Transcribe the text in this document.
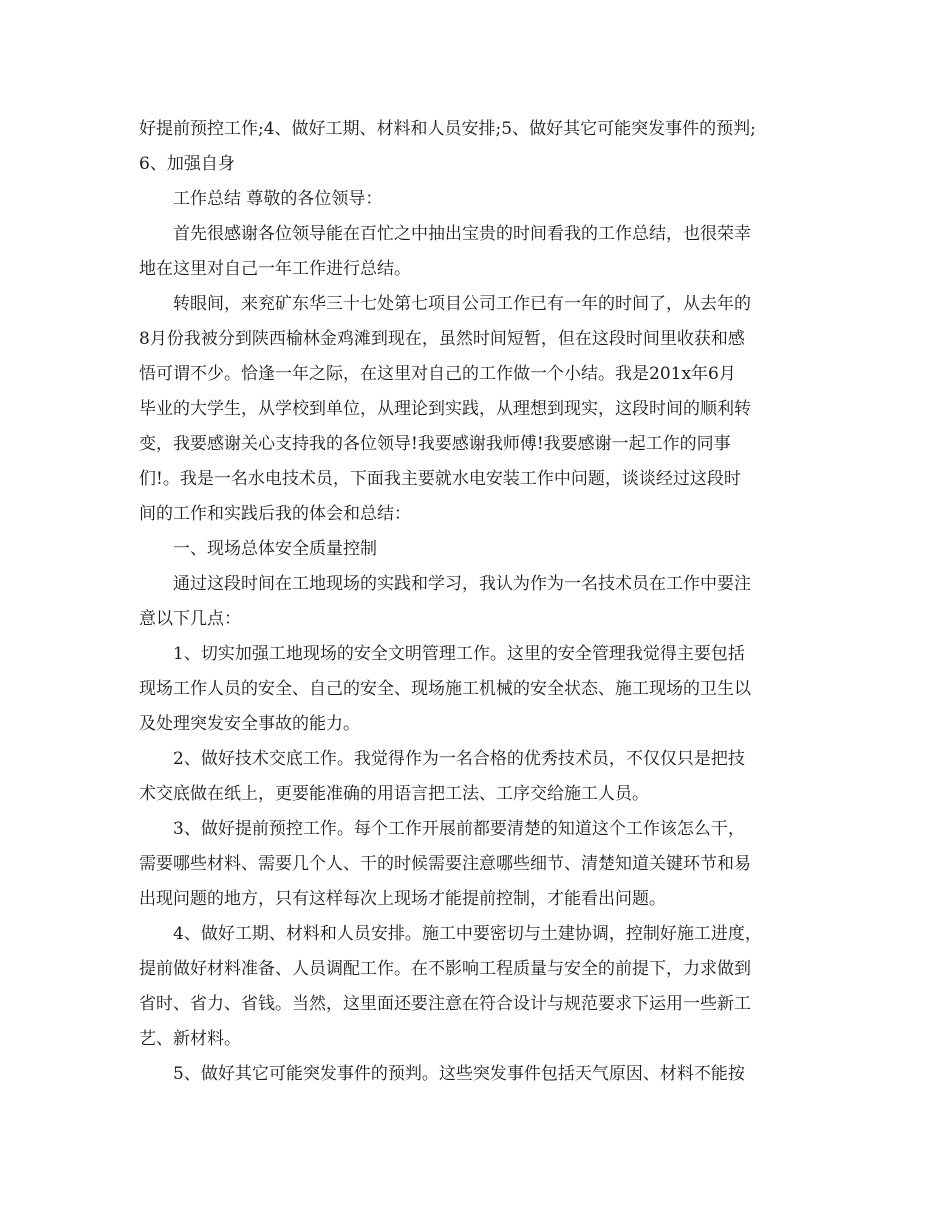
好提前预控工作;4、做好工期、材料和人员安排;5、做好其它可能突发事件的预判;
6、加强自身
工作总结 尊敬的各位领导：
首先很感谢各位领导能在百忙之中抽出宝贵的时间看我的工作总结，也很荣幸
地在这里对自己一年工作进行总结。
转眼间，来兖矿东华三十七处第七项目公司工作已有一年的时间了，从去年的
8月份我被分到陕西榆林金鸡滩到现在，虽然时间短暂，但在这段时间里收获和感
悟可谓不少。恰逢一年之际，在这里对自己的工作做一个小结。我是201x年6月
毕业的大学生，从学校到单位，从理论到实践，从理想到现实，这段时间的顺利转
变，我要感谢关心支持我的各位领导!我要感谢我师傅!我要感谢一起工作的同事
们!。我是一名水电技术员，下面我主要就水电安装工作中问题，谈谈经过这段时
间的工作和实践后我的体会和总结：
一、现场总体安全质量控制
通过这段时间在工地现场的实践和学习，我认为作为一名技术员在工作中要注
意以下几点：
1、切实加强工地现场的安全文明管理工作。这里的安全管理我觉得主要包括
现场工作人员的安全、自己的安全、现场施工机械的安全状态、施工现场的卫生以
及处理突发安全事故的能力。
2、做好技术交底工作。我觉得作为一名合格的优秀技术员，不仅仅只是把技
术交底做在纸上，更要能准确的用语言把工法、工序交给施工人员。
3、做好提前预控工作。每个工作开展前都要清楚的知道这个工作该怎么干，
需要哪些材料、需要几个人、干的时候需要注意哪些细节、清楚知道关键环节和易
出现问题的地方，只有这样每次上现场才能提前控制，才能看出问题。
4、做好工期、材料和人员安排。施工中要密切与土建协调，控制好施工进度，
提前做好材料准备、人员调配工作。在不影响工程质量与安全的前提下，力求做到
省时、省力、省钱。当然，这里面还要注意在符合设计与规范要求下运用一些新工
艺、新材料。
5、做好其它可能突发事件的预判。这些突发事件包括天气原因、材料不能按
